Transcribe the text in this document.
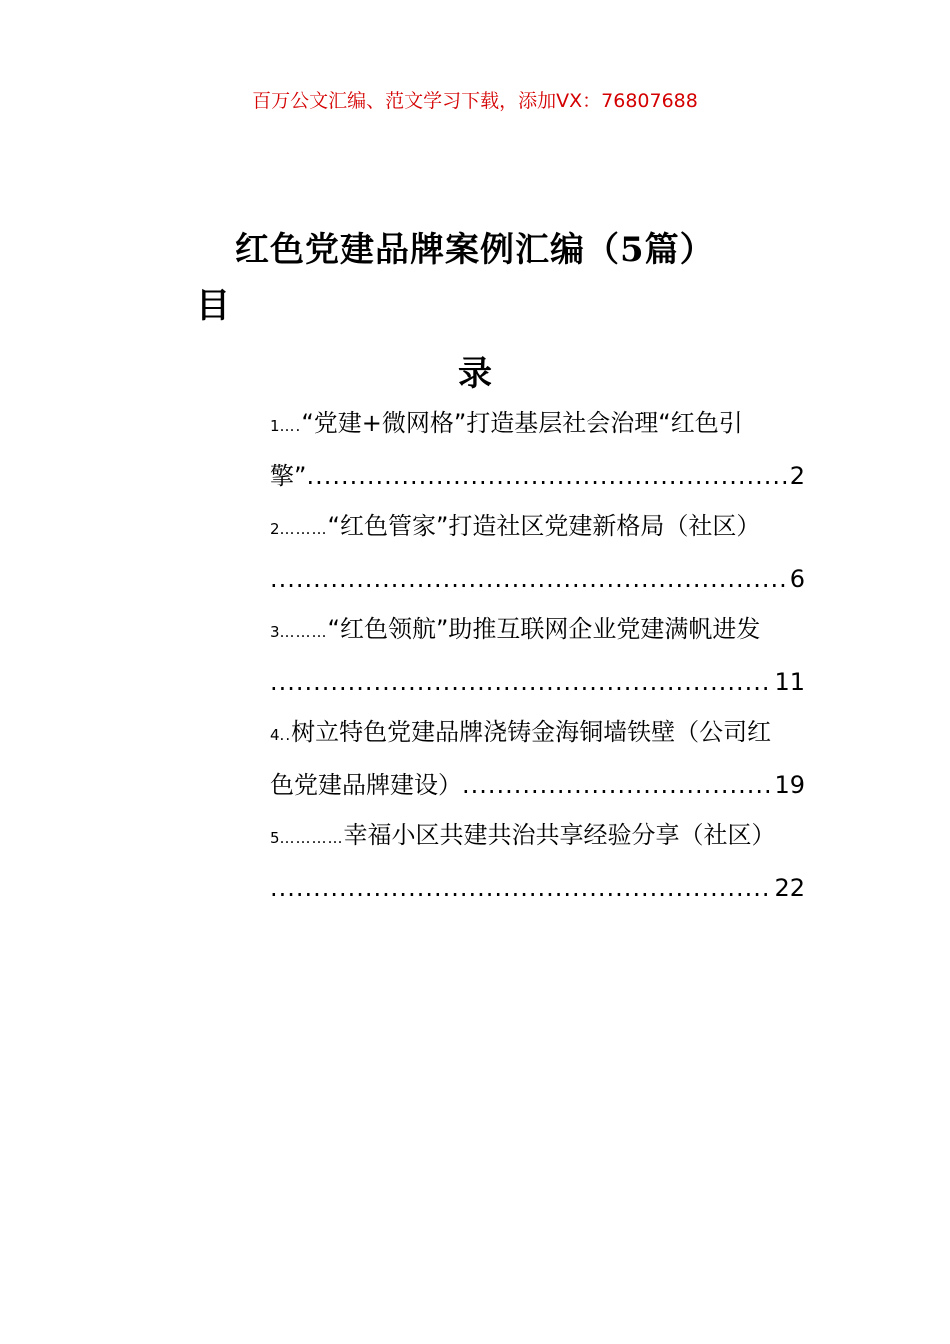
百万公文汇编、范文学习下载，添加VX：76807688
红色党建品牌案例汇编（5篇）
目
录
1….“党建+微网格”打造基层社会治理“红色引
擎” .....	2
2………“红色管家”打造社区党建新格局（社区）
.....
6
3………“红色领航”助推互联网企业党建满帆进发
.....
11
4..树立特色党建品牌浇铸金海铜墙铁壁（公司红
色党建品牌建设） .....	19
5…………幸福小区共建共治共享经验分享（社区）
.....
22
